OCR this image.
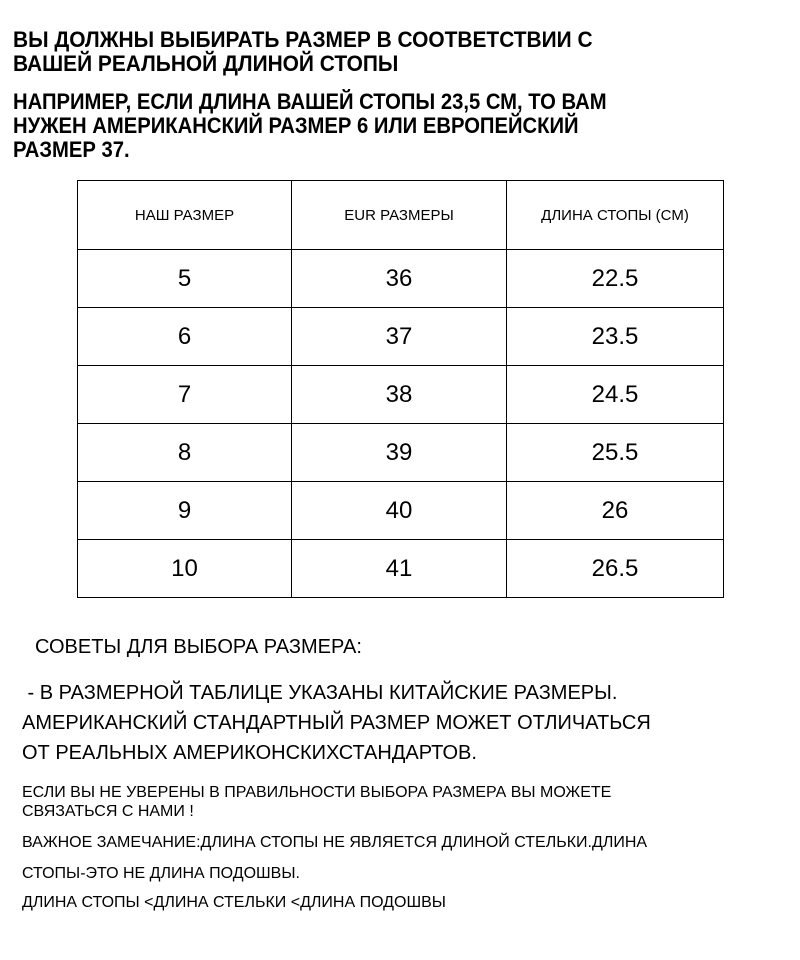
ВЫ ДОЛЖНЫ ВЫБИРАТЬ РАЗМЕР В СООТВЕТСТВИИ С
ВАШЕЙ РЕАЛЬНОЙ ДЛИНОЙ СТОПЫ
НАПРИМЕР, ЕСЛИ ДЛИНА ВАШЕЙ СТОПЫ 23,5 СМ, ТО ВАМ
НУЖЕН АМЕРИКАНСКИЙ РАЗМЕР 6 ИЛИ ЕВРОПЕЙСКИЙ
РАЗМЕР 37.
НАШ РАЗМЕР	EUR РАЗМЕРЫ	ДЛИНА СТОПЫ (СМ)
5	36	22.5
6	37	23.5
7	38	24.5
8	39	25.5
9	40	26
10	41	26.5
СОВЕТЫ ДЛЯ ВЫБОРА РАЗМЕРА:
- В РАЗМЕРНОЙ ТАБЛИЦЕ УКАЗАНЫ КИТАЙСКИЕ РАЗМЕРЫ.
АМЕРИКАНСКИЙ СТАНДАРТНЫЙ РАЗМЕР МОЖЕТ ОТЛИЧАТЬСЯ
ОТ РЕАЛЬНЫХ АМЕРИКОНСКИХСТАНДАРТОВ.
ЕСЛИ ВЫ НЕ УВЕРЕНЫ В ПРАВИЛЬНОСТИ ВЫБОРА РАЗМЕРА ВЫ МОЖЕТЕ
СВЯЗАТЬСЯ С НАМИ !
ВАЖНОЕ ЗАМЕЧАНИЕ:ДЛИНА СТОПЫ НЕ ЯВЛЯЕТСЯ ДЛИНОЙ СТЕЛЬКИ.ДЛИНА
СТОПЫ-ЭТО НЕ ДЛИНА ПОДОШВЫ.
ДЛИНА СТОПЫ <ДЛИНА СТЕЛЬКИ <ДЛИНА ПОДОШВЫ
